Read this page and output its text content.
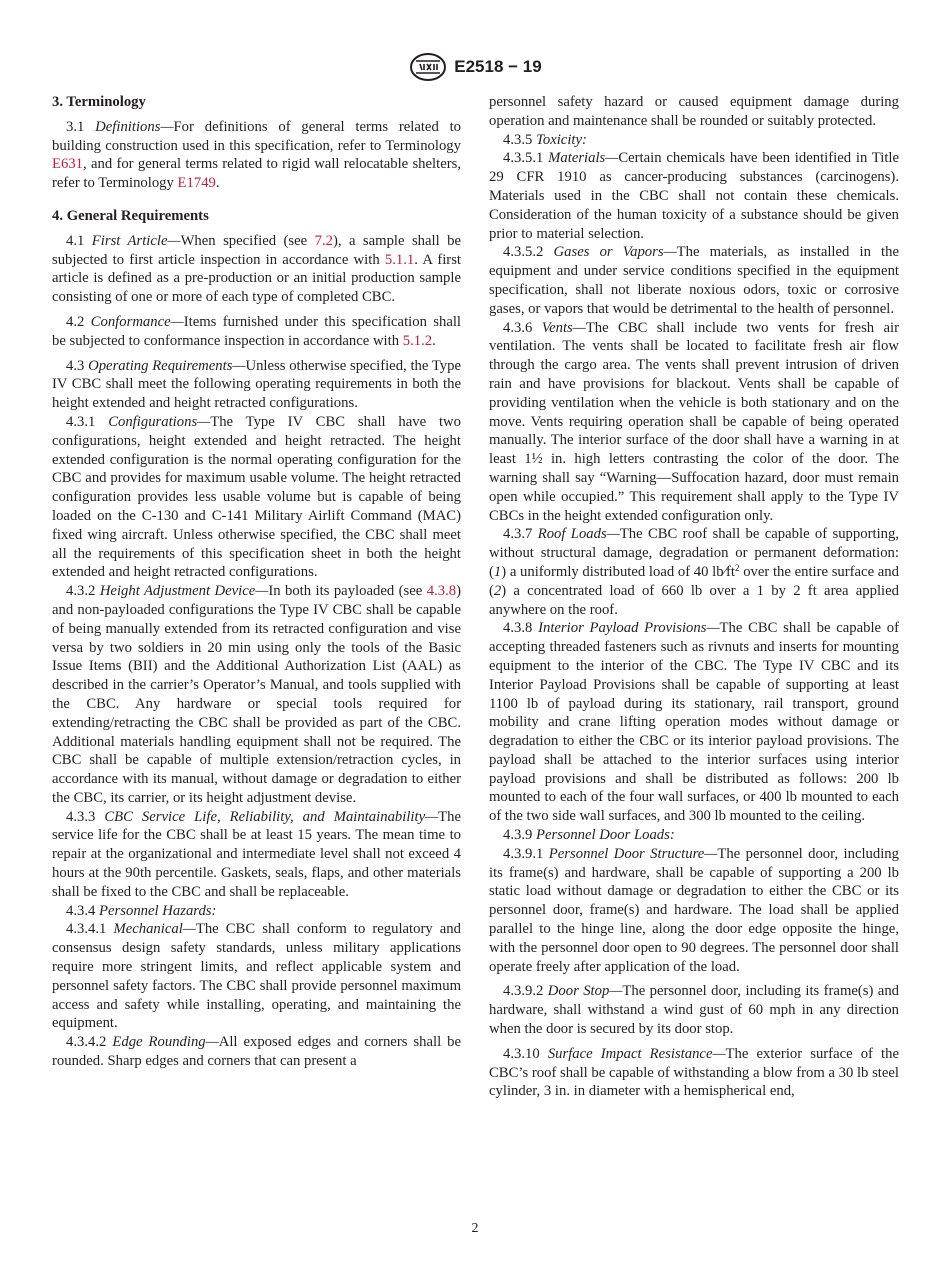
E2518 − 19
3. Terminology

3.1 Definitions—For definitions of general terms related to building construction used in this specification, refer to Terminology E631, and for general terms related to rigid wall relocatable shelters, refer to Terminology E1749.

4. General Requirements

4.1 First Article—When specified (see 7.2), a sample shall be subjected to first article inspection in accordance with 5.1.1. A first article is defined as a pre-production or an initial production sample consisting of one or more of each type of completed CBC.

4.2 Conformance—Items furnished under this specification shall be subjected to conformance inspection in accordance with 5.1.2.

4.3 Operating Requirements—Unless otherwise specified, the Type IV CBC shall meet the following operating requirements in both the height extended and height retracted configurations.

4.3.1 Configurations—The Type IV CBC shall have two configurations, height extended and height retracted. The height extended configuration is the normal operating configuration for the CBC and provides for maximum usable volume. The height retracted configuration provides less usable volume but is capable of being loaded on the C-130 and C-141 Military Airlift Command (MAC) fixed wing aircraft. Unless otherwise specified, the CBC shall meet all the requirements of this specification sheet in both the height extended and height retracted configurations.

4.3.2 Height Adjustment Device—In both its payloaded (see 4.3.8) and non-payloaded configurations the Type IV CBC shall be capable of being manually extended from its retracted configuration and vise versa by two soldiers in 20 min using only the tools of the Basic Issue Items (BII) and the Additional Authorization List (AAL) as described in the carrier’s Operator’s Manual, and tools supplied with the CBC. Any hardware or special tools required for extending/retracting the CBC shall be provided as part of the CBC. Additional materials handling equipment shall not be required. The CBC shall be capable of multiple extension/retraction cycles, in accordance with its manual, without damage or degradation to either the CBC, its carrier, or its height adjustment devise.

4.3.3 CBC Service Life, Reliability, and Maintainability—The service life for the CBC shall be at least 15 years. The mean time to repair at the organizational and intermediate level shall not exceed 4 hours at the 90th percentile. Gaskets, seals, flaps, and other materials shall be fixed to the CBC and shall be replaceable.

4.3.4 Personnel Hazards:

4.3.4.1 Mechanical—The CBC shall conform to regulatory and consensus design safety standards, unless military applications require more stringent limits, and reflect applicable system and personnel safety factors. The CBC shall provide personnel maximum access and safety while installing, operating, and maintaining the equipment.

4.3.4.2 Edge Rounding—All exposed edges and corners shall be rounded. Sharp edges and corners that can present a

personnel safety hazard or caused equipment damage during operation and maintenance shall be rounded or suitably protected.

4.3.5 Toxicity:

4.3.5.1 Materials—Certain chemicals have been identified in Title 29 CFR 1910 as cancer-producing substances (carcinogens). Materials used in the CBC shall not contain these chemicals. Consideration of the human toxicity of a substance should be given prior to material selection.

4.3.5.2 Gases or Vapors—The materials, as installed in the equipment and under service conditions specified in the equipment specification, shall not liberate noxious odors, toxic or corrosive gases, or vapors that would be detrimental to the health of personnel.

4.3.6 Vents—The CBC shall include two vents for fresh air ventilation. The vents shall be located to facilitate fresh air flow through the cargo area. The vents shall prevent intrusion of driven rain and have provisions for blackout. Vents shall be capable of providing ventilation when the vehicle is both stationary and on the move. Vents requiring operation shall be capable of being operated manually. The interior surface of the door shall have a warning in at least 1½ in. high letters contrasting the color of the door. The warning shall say “Warning—Suffocation hazard, door must remain open while occupied.” This requirement shall apply to the Type IV CBCs in the height extended configuration only.

4.3.7 Roof Loads—The CBC roof shall be capable of supporting, without structural damage, degradation or permanent deformation: (1) a uniformly distributed load of 40 $lb⁄ft^2$ over the entire surface and (2) a concentrated load of 660 lb over a 1 by 2 ft area applied anywhere on the roof.

4.3.8 Interior Payload Provisions—The CBC shall be capable of accepting threaded fasteners such as rivnuts and inserts for mounting equipment to the interior of the CBC. The Type IV CBC and its Interior Payload Provisions shall be capable of supporting at least 1100 lb of payload during its stationary, rail transport, ground mobility and crane lifting operation modes without damage or degradation to either the CBC or its interior payload provisions. The payload shall be attached to the interior surfaces using interior payload provisions and shall be distributed as follows: 200 lb mounted to each of the four wall surfaces, or 400 lb mounted to each of the two side wall surfaces, and 300 lb mounted to the ceiling.

4.3.9 Personnel Door Loads:

4.3.9.1 Personnel Door Structure—The personnel door, including its frame(s) and hardware, shall be capable of supporting a 200 lb static load without damage or degradation to either the CBC or its personnel door, frame(s) and hardware. The load shall be applied parallel to the hinge line, along the door edge opposite the hinge, with the personnel door open to 90 degrees. The personnel door shall operate freely after application of the load.

4.3.9.2 Door Stop—The personnel door, including its frame(s) and hardware, shall withstand a wind gust of 60 mph in any direction when the door is secured by its door stop.

4.3.10 Surface Impact Resistance—The exterior surface of the CBC’s roof shall be capable of withstanding a blow from a 30 lb steel cylinder, 3 in. in diameter with a hemispherical end,

2
